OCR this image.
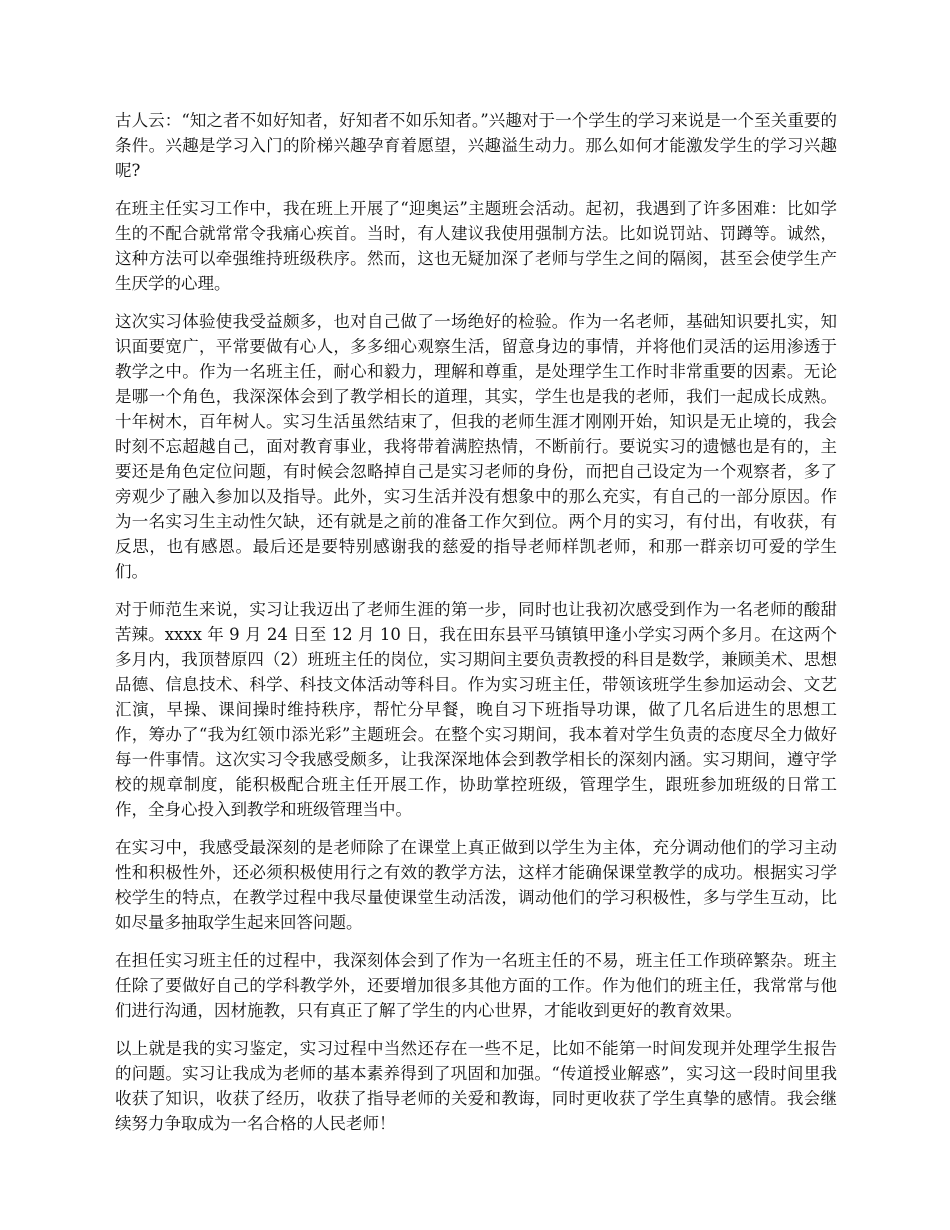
古人云：“知之者不如好知者，好知者不如乐知者。”兴趣对于一个学生的学习来说是一个至关重要的条件。兴趣是学习入门的阶梯兴趣孕育着愿望，兴趣溢生动力。那么如何才能激发学生的学习兴趣呢?

在班主任实习工作中，我在班上开展了“迎奥运”主题班会活动。起初，我遇到了许多困难：比如学生的不配合就常常令我痛心疾首。当时，有人建议我使用强制方法。比如说罚站、罚蹲等。诚然，这种方法可以牵强维持班级秩序。然而，这也无疑加深了老师与学生之间的隔阂，甚至会使学生产生厌学的心理。

这次实习体验使我受益颇多，也对自己做了一场绝好的检验。作为一名老师，基础知识要扎实，知识面要宽广，平常要做有心人，多多细心观察生活，留意身边的事情，并将他们灵活的运用渗透于教学之中。作为一名班主任，耐心和毅力，理解和尊重，是处理学生工作时非常重要的因素。无论是哪一个角色，我深深体会到了教学相长的道理，其实，学生也是我的老师，我们一起成长成熟。 十年树木，百年树人。实习生活虽然结束了，但我的老师生涯才刚刚开始，知识是无止境的，我会时刻不忘超越自己，面对教育事业，我将带着满腔热情，不断前行。要说实习的遗憾也是有的，主要还是角色定位问题，有时候会忽略掉自己是实习老师的身份，而把自己设定为一个观察者，多了旁观少了融入参加以及指导。此外，实习生活并没有想象中的那么充实，有自己的一部分原因。作为一名实习生主动性欠缺，还有就是之前的准备工作欠到位。两个月的实习，有付出，有收获，有反思，也有感恩。最后还是要特别感谢我的慈爱的指导老师样凯老师，和那一群亲切可爱的学生们。

对于师范生来说，实习让我迈出了老师生涯的第一步，同时也让我初次感受到作为一名老师的酸甜苦辣。xxxx 年 9 月 24 日至 12 月 10 日，我在田东县平马镇镇甲逢小学实习两个多月。在这两个多月内，我顶替原四（2）班班主任的岗位，实习期间主要负责教授的科目是数学，兼顾美术、思想品德、信息技术、科学、科技文体活动等科目。作为实习班主任，带领该班学生参加运动会、文艺汇演，早操、课间操时维持秩序，帮忙分早餐，晚自习下班指导功课，做了几名后进生的思想工作，筹办了“我为红领巾添光彩”主题班会。在整个实习期间，我本着对学生负责的态度尽全力做好每一件事情。这次实习令我感受颇多，让我深深地体会到教学相长的深刻内涵。实习期间，遵守学校的规章制度，能积极配合班主任开展工作，协助掌控班级，管理学生，跟班参加班级的日常工作，全身心投入到教学和班级管理当中。

在实习中，我感受最深刻的是老师除了在课堂上真正做到以学生为主体，充分调动他们的学习主动性和积极性外，还必须积极使用行之有效的教学方法，这样才能确保课堂教学的成功。根据实习学校学生的特点，在教学过程中我尽量使课堂生动活泼，调动他们的学习积极性，多与学生互动，比如尽量多抽取学生起来回答问题。

在担任实习班主任的过程中，我深刻体会到了作为一名班主任的不易，班主任工作琐碎繁杂。班主任除了要做好自己的学科教学外，还要增加很多其他方面的工作。作为他们的班主任，我常常与他们进行沟通，因材施教，只有真正了解了学生的内心世界，才能收到更好的教育效果。

以上就是我的实习鉴定，实习过程中当然还存在一些不足，比如不能第一时间发现并处理学生报告的问题。实习让我成为老师的基本素养得到了巩固和加强。“传道授业解惑”，实习这一段时间里我收获了知识，收获了经历，收获了指导老师的关爱和教诲，同时更收获了学生真挚的感情。我会继续努力争取成为一名合格的人民老师！
